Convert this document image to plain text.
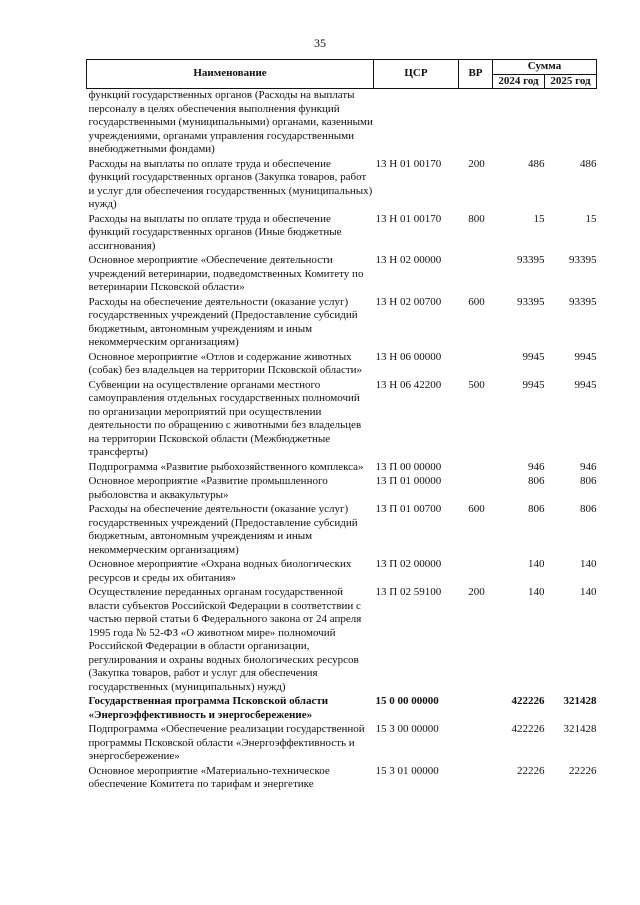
35
Наименование	ЦСР	ВР	Сумма	
			2024 год	2025 год
функций государственных органов (Расходы на выплаты персоналу в целях обеспечения выполнения функций государственными (муниципальными) органами, казенными учреждениями, органами управления государственными внебюджетными фондами)				
Расходы на выплаты по оплате труда и обеспечение функций государственных органов (Закупка товаров, работ и услуг для обеспечения государственных (муниципальных) нужд)	13 Н 01 00170	200	486	486
Расходы на выплаты по оплате труда и обеспечение функций государственных органов (Иные бюджетные ассигнования)	13 Н 01 00170	800	15	15
Основное мероприятие «Обеспечение деятельности учреждений ветеринарии, подведомственных Комитету по ветеринарии Псковской области»	13 Н 02 00000		93395	93395
Расходы на обеспечение деятельности (оказание услуг) государственных учреждений (Предоставление субсидий бюджетным, автономным учреждениям и иным некоммерческим организациям)	13 Н 02 00700	600	93395	93395
Основное мероприятие «Отлов и содержание животных (собак) без владельцев на территории Псковской области»	13 Н 06 00000		9945	9945
Субвенции на осуществление органами местного самоуправления отдельных государственных полномочий по организации мероприятий при осуществлении деятельности по обращению с животными без владельцев на территории Псковской области (Межбюджетные трансферты)	13 Н 06 42200	500	9945	9945
Подпрограмма «Развитие рыбохозяйственного комплекса»	13 П 00 00000		946	946
Основное мероприятие «Развитие промышленного рыболовства и аквакультуры»	13 П 01 00000		806	806
Расходы на обеспечение деятельности (оказание услуг) государственных учреждений (Предоставление субсидий бюджетным, автономным учреждениям и иным некоммерческим организациям)	13 П 01 00700	600	806	806
Основное мероприятие «Охрана водных биологических ресурсов и среды их обитания»	13 П 02 00000		140	140
Осуществление переданных органам государственной власти субъектов Российской Федерации в соответствии с частью первой статьи 6 Федерального закона от 24 апреля 1995 года № 52-ФЗ «О животном мире» полномочий Российской Федерации в области организации, регулирования и охраны водных биологических ресурсов (Закупка товаров, работ и услуг для обеспечения государственных (муниципальных) нужд)	13 П 02 59100	200	140	140
Государственная программа Псковской области «Энергоэффективность и энергосбережение»	15 0 00 00000		422226	321428
Подпрограмма «Обеспечение реализации государственной программы Псковской области «Энергоэффективность и энергосбережение»	15 3 00 00000		422226	321428
Основное мероприятие «Материально-техническое обеспечение Комитета по тарифам и энергетике	15 3 01 00000		22226	22226
